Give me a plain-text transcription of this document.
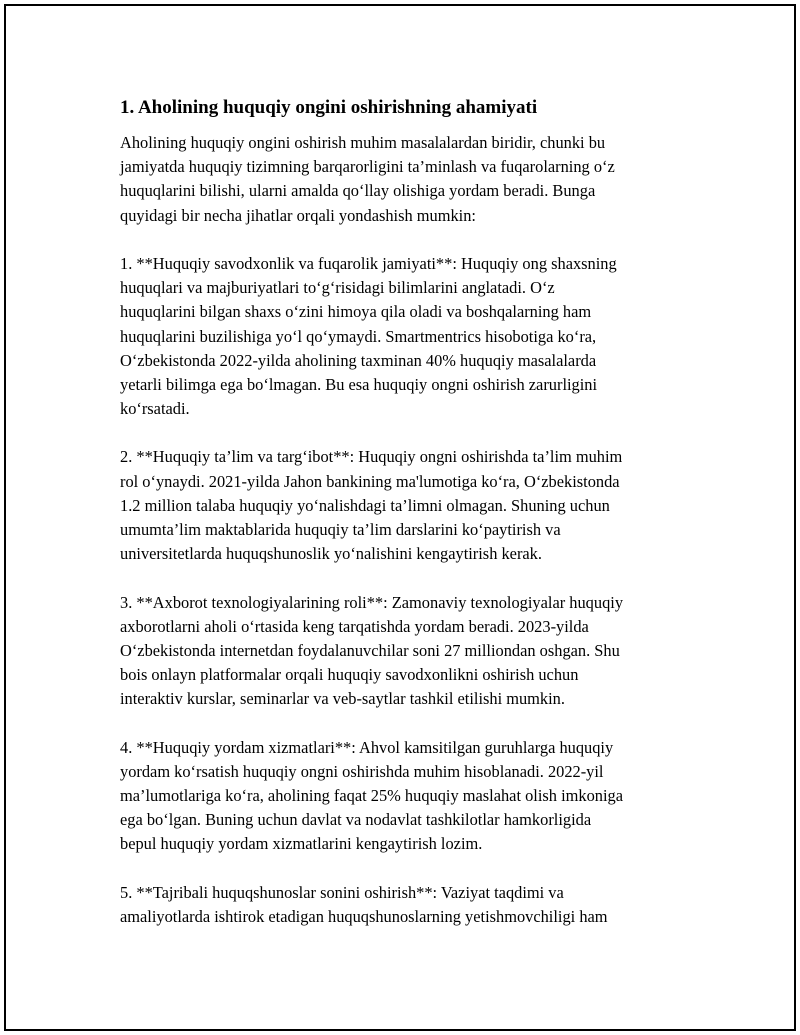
1. Aholining huquqiy ongini oshirishning ahamiyati

Aholining huquqiy ongini oshirish muhim masalalardan biridir, chunki bu
jamiyatda huquqiy tizimning barqarorligini ta’minlash va fuqarolarning o‘z
huquqlarini bilishi, ularni amalda qo‘llay olishiga yordam beradi. Bunga
quyidagi bir necha jihatlar orqali yondashish mumkin:

1. **Huquqiy savodxonlik va fuqarolik jamiyati**: Huquqiy ong shaxsning
huquqlari va majburiyatlari to‘g‘risidagi bilimlarini anglatadi. O‘z
huquqlarini bilgan shaxs o‘zini himoya qila oladi va boshqalarning ham
huquqlarini buzilishiga yo‘l qo‘ymaydi. Smartmentrics hisobotiga ko‘ra,
O‘zbekistonda 2022-yilda aholining taxminan 40% huquqiy masalalarda
yetarli bilimga ega bo‘lmagan. Bu esa huquqiy ongni oshirish zarurligini
ko‘rsatadi.

2. **Huquqiy ta’lim va targ‘ibot**: Huquqiy ongni oshirishda ta’lim muhim
rol o‘ynaydi. 2021-yilda Jahon bankining ma'lumotiga ko‘ra, O‘zbekistonda
1.2 million talaba huquqiy yo‘nalishdagi ta’limni olmagan. Shuning uchun
umumta’lim maktablarida huquqiy ta’lim darslarini ko‘paytirish va
universitetlarda huquqshunoslik yo‘nalishini kengaytirish kerak.

3. **Axborot texnologiyalarining roli**: Zamonaviy texnologiyalar huquqiy
axborotlarni aholi o‘rtasida keng tarqatishda yordam beradi. 2023-yilda
O‘zbekistonda internetdan foydalanuvchilar soni 27 milliondan oshgan. Shu
bois onlayn platformalar orqali huquqiy savodxonlikni oshirish uchun
interaktiv kurslar, seminarlar va veb-saytlar tashkil etilishi mumkin.

4. **Huquqiy yordam xizmatlari**: Ahvol kamsitilgan guruhlarga huquqiy
yordam ko‘rsatish huquqiy ongni oshirishda muhim hisoblanadi. 2022-yil
ma’lumotlariga ko‘ra, aholining faqat 25% huquqiy maslahat olish imkoniga
ega bo‘lgan. Buning uchun davlat va nodavlat tashkilotlar hamkorligida
bepul huquqiy yordam xizmatlarini kengaytirish lozim.

5. **Tajribali huquqshunoslar sonini oshirish**: Vaziyat taqdimi va
amaliyotlarda ishtirok etadigan huquqshunoslarning yetishmovchiligi ham
